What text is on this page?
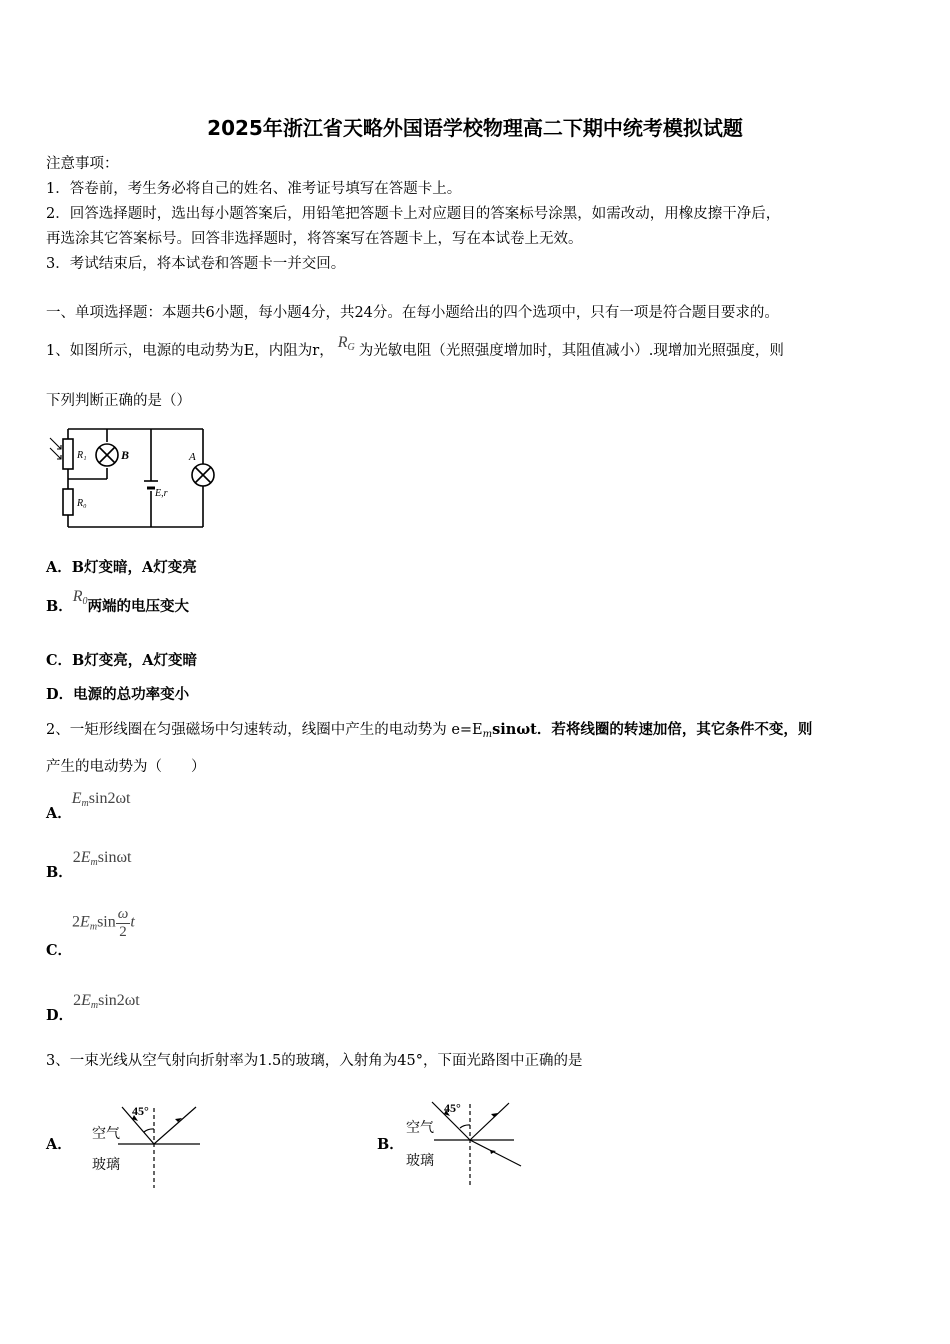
2025年浙江省天略外国语学校物理高二下期中统考模拟试题
注意事项：
1．答卷前，考生务必将自己的姓名、准考证号填写在答题卡上。
2．回答选择题时，选出每小题答案后，用铅笔把答题卡上对应题目的答案标号涂黑，如需改动，用橡皮擦干净后，
再选涂其它答案标号。回答非选择题时，将答案写在答题卡上，写在本试卷上无效。
3．考试结束后，将本试卷和答题卡一并交回。
一、单项选择题：本题共6小题，每小题4分，共24分。在每小题给出的四个选项中，只有一项是符合题目要求的。
1、如图所示，电源的电动势为E，内阻为r， $R_G$ 为光敏电阻（光照强度增加时，其阻值减小）.现增加光照强度，则
下列判断正确的是（）
R₁
R₀
B	A
E,r
A．B灯变暗，A灯变亮
B．$R_0$两端的电压变大
C．B灯变亮，A灯变暗
D．电源的总功率变小
2、一矩形线圈在匀强磁场中匀速转动，线圈中产生的电动势为 $e=E_m\sin\omega t$．若将线圈的转速加倍，其它条件不变，则
产生的电动势为（　　）
A．$E_m\sin 2\omega t$
B．$2E_m\sin\omega t$
C．$2E_m\sin \frac{\omega}{2}$ t
D．$2E_m\sin 2\omega t$
3、一束光线从空气射向折射率为1.5的玻璃，入射角为45°，下面光路图中正确的是
A．
45°
空气
玻璃
B．
45°
空气
玻璃
